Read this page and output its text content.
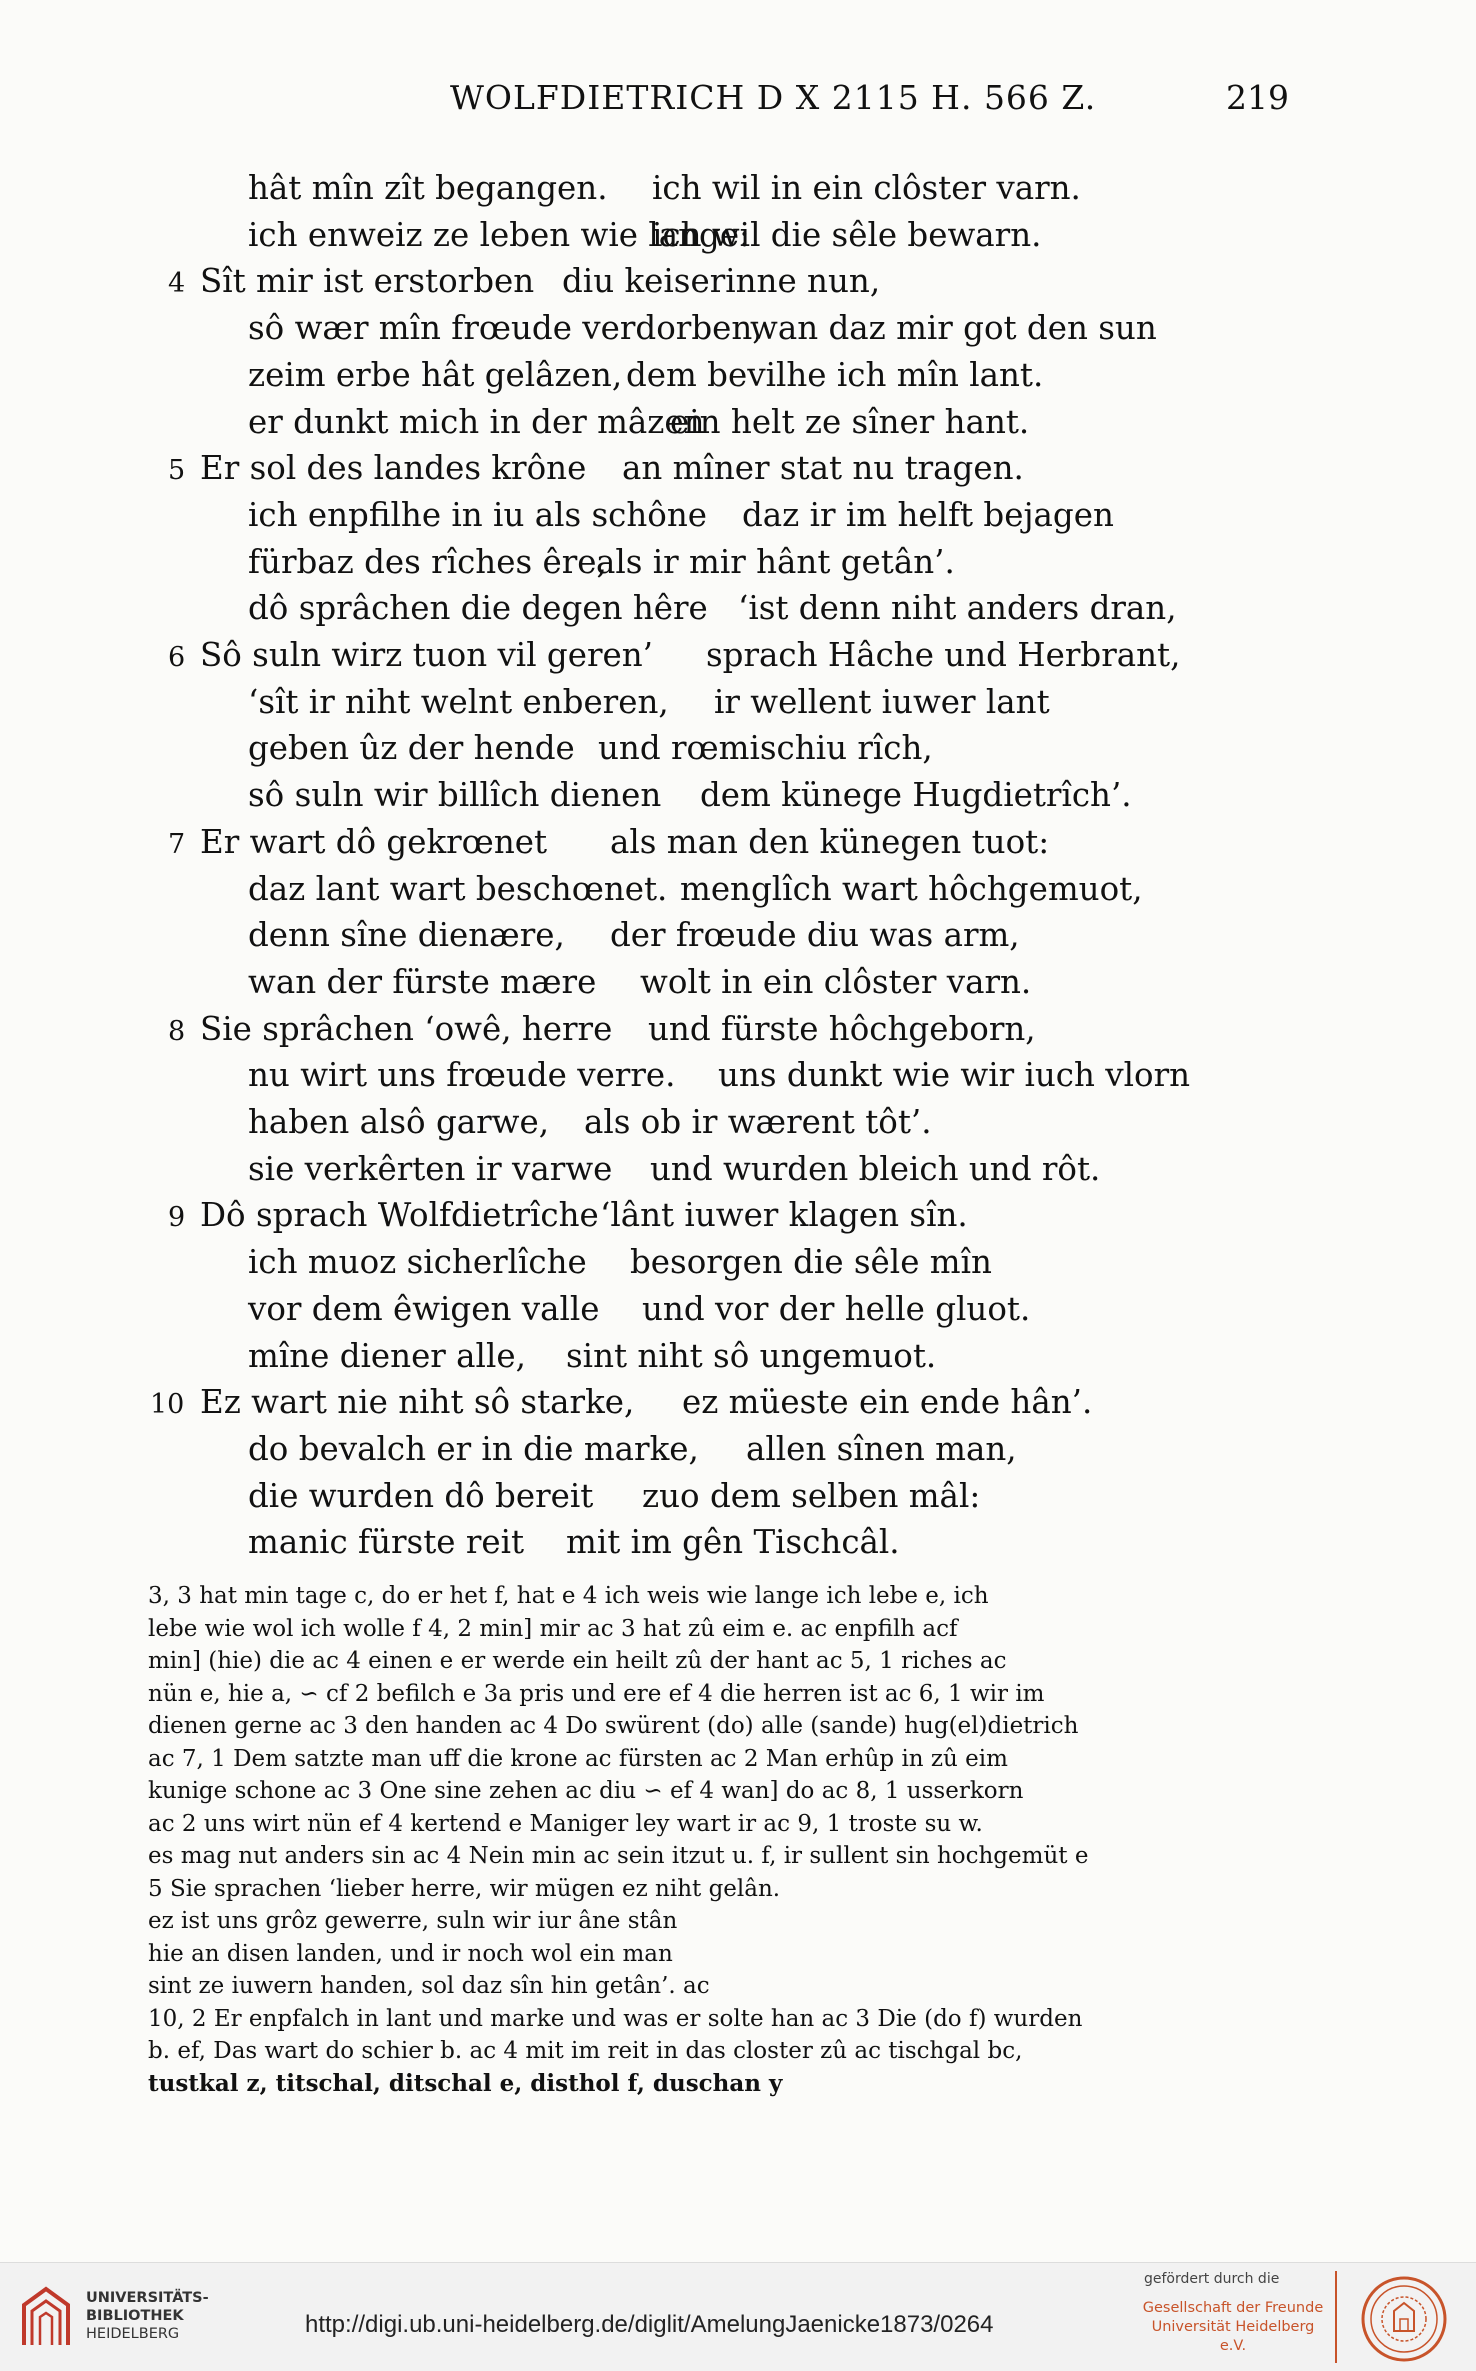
WOLFDIETRICH D X 2115 H. 566 Z.	219
hât mîn zît begangen. ich wil in ein clôster varn.
ich enweiz ze leben wie lange:
ich wil die sêle bewarn.
4 Sît mir ist erstorben diu keiserinne nun,
sô wær mîn frœude verdorben,
wan daz mir got den sun
zeim erbe hât gelâzen, dem bevilhe ich mîn lant.
er dunkt mich in der mâzen
ein helt ze sîner hant.
5 Er sol des landes krône an mîner stat nu tragen.
ich enpfilhe in iu als schône daz ir im helft bejagen
fürbaz des rîches êre,
als ir mir hânt getân’.
dô sprâchen die degen hêre ‘ist denn niht anders dran,
6 Sô suln wirz tuon vil geren’ sprach Hâche und Herbrant,
‘sît ir niht welnt enberen, ir wellent iuwer lant
geben ûz der hende und rœmischiu rîch,
sô suln wir billîch dienen dem künege Hugdietrîch’.
7 Er wart dô gekrœnet als man den künegen tuot:
daz lant wart beschœnet. menglîch wart hôchgemuot,
denn sîne dienære, der frœude diu was arm,
wan der fürste mære wolt in ein clôster varn.
8 Sie sprâchen ‘owê, herre und fürste hôchgeborn,
nu wirt uns frœude verre. uns dunkt wie wir iuch vlorn
haben alsô garwe, als ob ir wærent tôt’.
sie verkêrten ir varwe und wurden bleich und rôt.
9 Dô sprach Wolfdietrîche ‘lânt iuwer klagen sîn.
ich muoz sicherlîche besorgen die sêle mîn
vor dem êwigen valle und vor der helle gluot.
mîne diener alle, sint niht sô ungemuot.
10 Ez wart nie niht sô starke, ez müeste ein ende hân’.
do bevalch er in die marke, allen sînen man,
die wurden dô bereit zuo dem selben mâl:
manic fürste reit mit im gên Tischcâl.
3, 3 hat min tage c, do er het f, hat e 4 ich weis wie lange ich lebe e, ich
lebe wie wol ich wolle f 4, 2 min] mir ac 3 hat zû eim e. ac enpfilh acf
min] (hie) die ac 4 einen e er werde ein heilt zû der hant ac 5, 1 riches ac
nün e, hie a, ∽ cf 2 befilch e 3a pris und ere ef 4 die herren ist ac 6, 1 wir im
dienen gerne ac 3 den handen ac 4 Do swürent (do) alle (sande) hug(el)dietrich
ac 7, 1 Dem satzte man uff die krone ac fürsten ac 2 Man erhûp in zû eim
kunige schone ac 3 One sine zehen ac diu ∽ ef 4 wan] do ac 8, 1 usserkorn
ac 2 uns wirt nün ef 4 kertend e Maniger ley wart ir ac 9, 1 troste su w.
es mag nut anders sin ac 4 Nein min ac sein itzut u. f, ir sullent sin hochgemüt e
5 Sie sprachen ‘lieber herre, wir mügen ez niht gelân.
ez ist uns grôz gewerre, suln wir iur âne stân
hie an disen landen, und ir noch wol ein man
sint ze iuwern handen, sol daz sîn hin getân’. ac
10, 2 Er enpfalch in lant und marke und was er solte han ac 3 Die (do f) wurden
b. ef, Das wart do schier b. ac 4 mit im reit in das closter zû ac tischgal bc,
tustkal z, titschal, ditschal e, disthol f, duschan y
UNIVERSITÄTS-
BIBLIOTHEK
HEIDELBERG	http://digi.ub.uni-heidelberg.de/diglit/AmelungJaenicke1873/0264
gefördert durch die
Gesellschaft der Freunde
Universität Heidelberg e.V.
